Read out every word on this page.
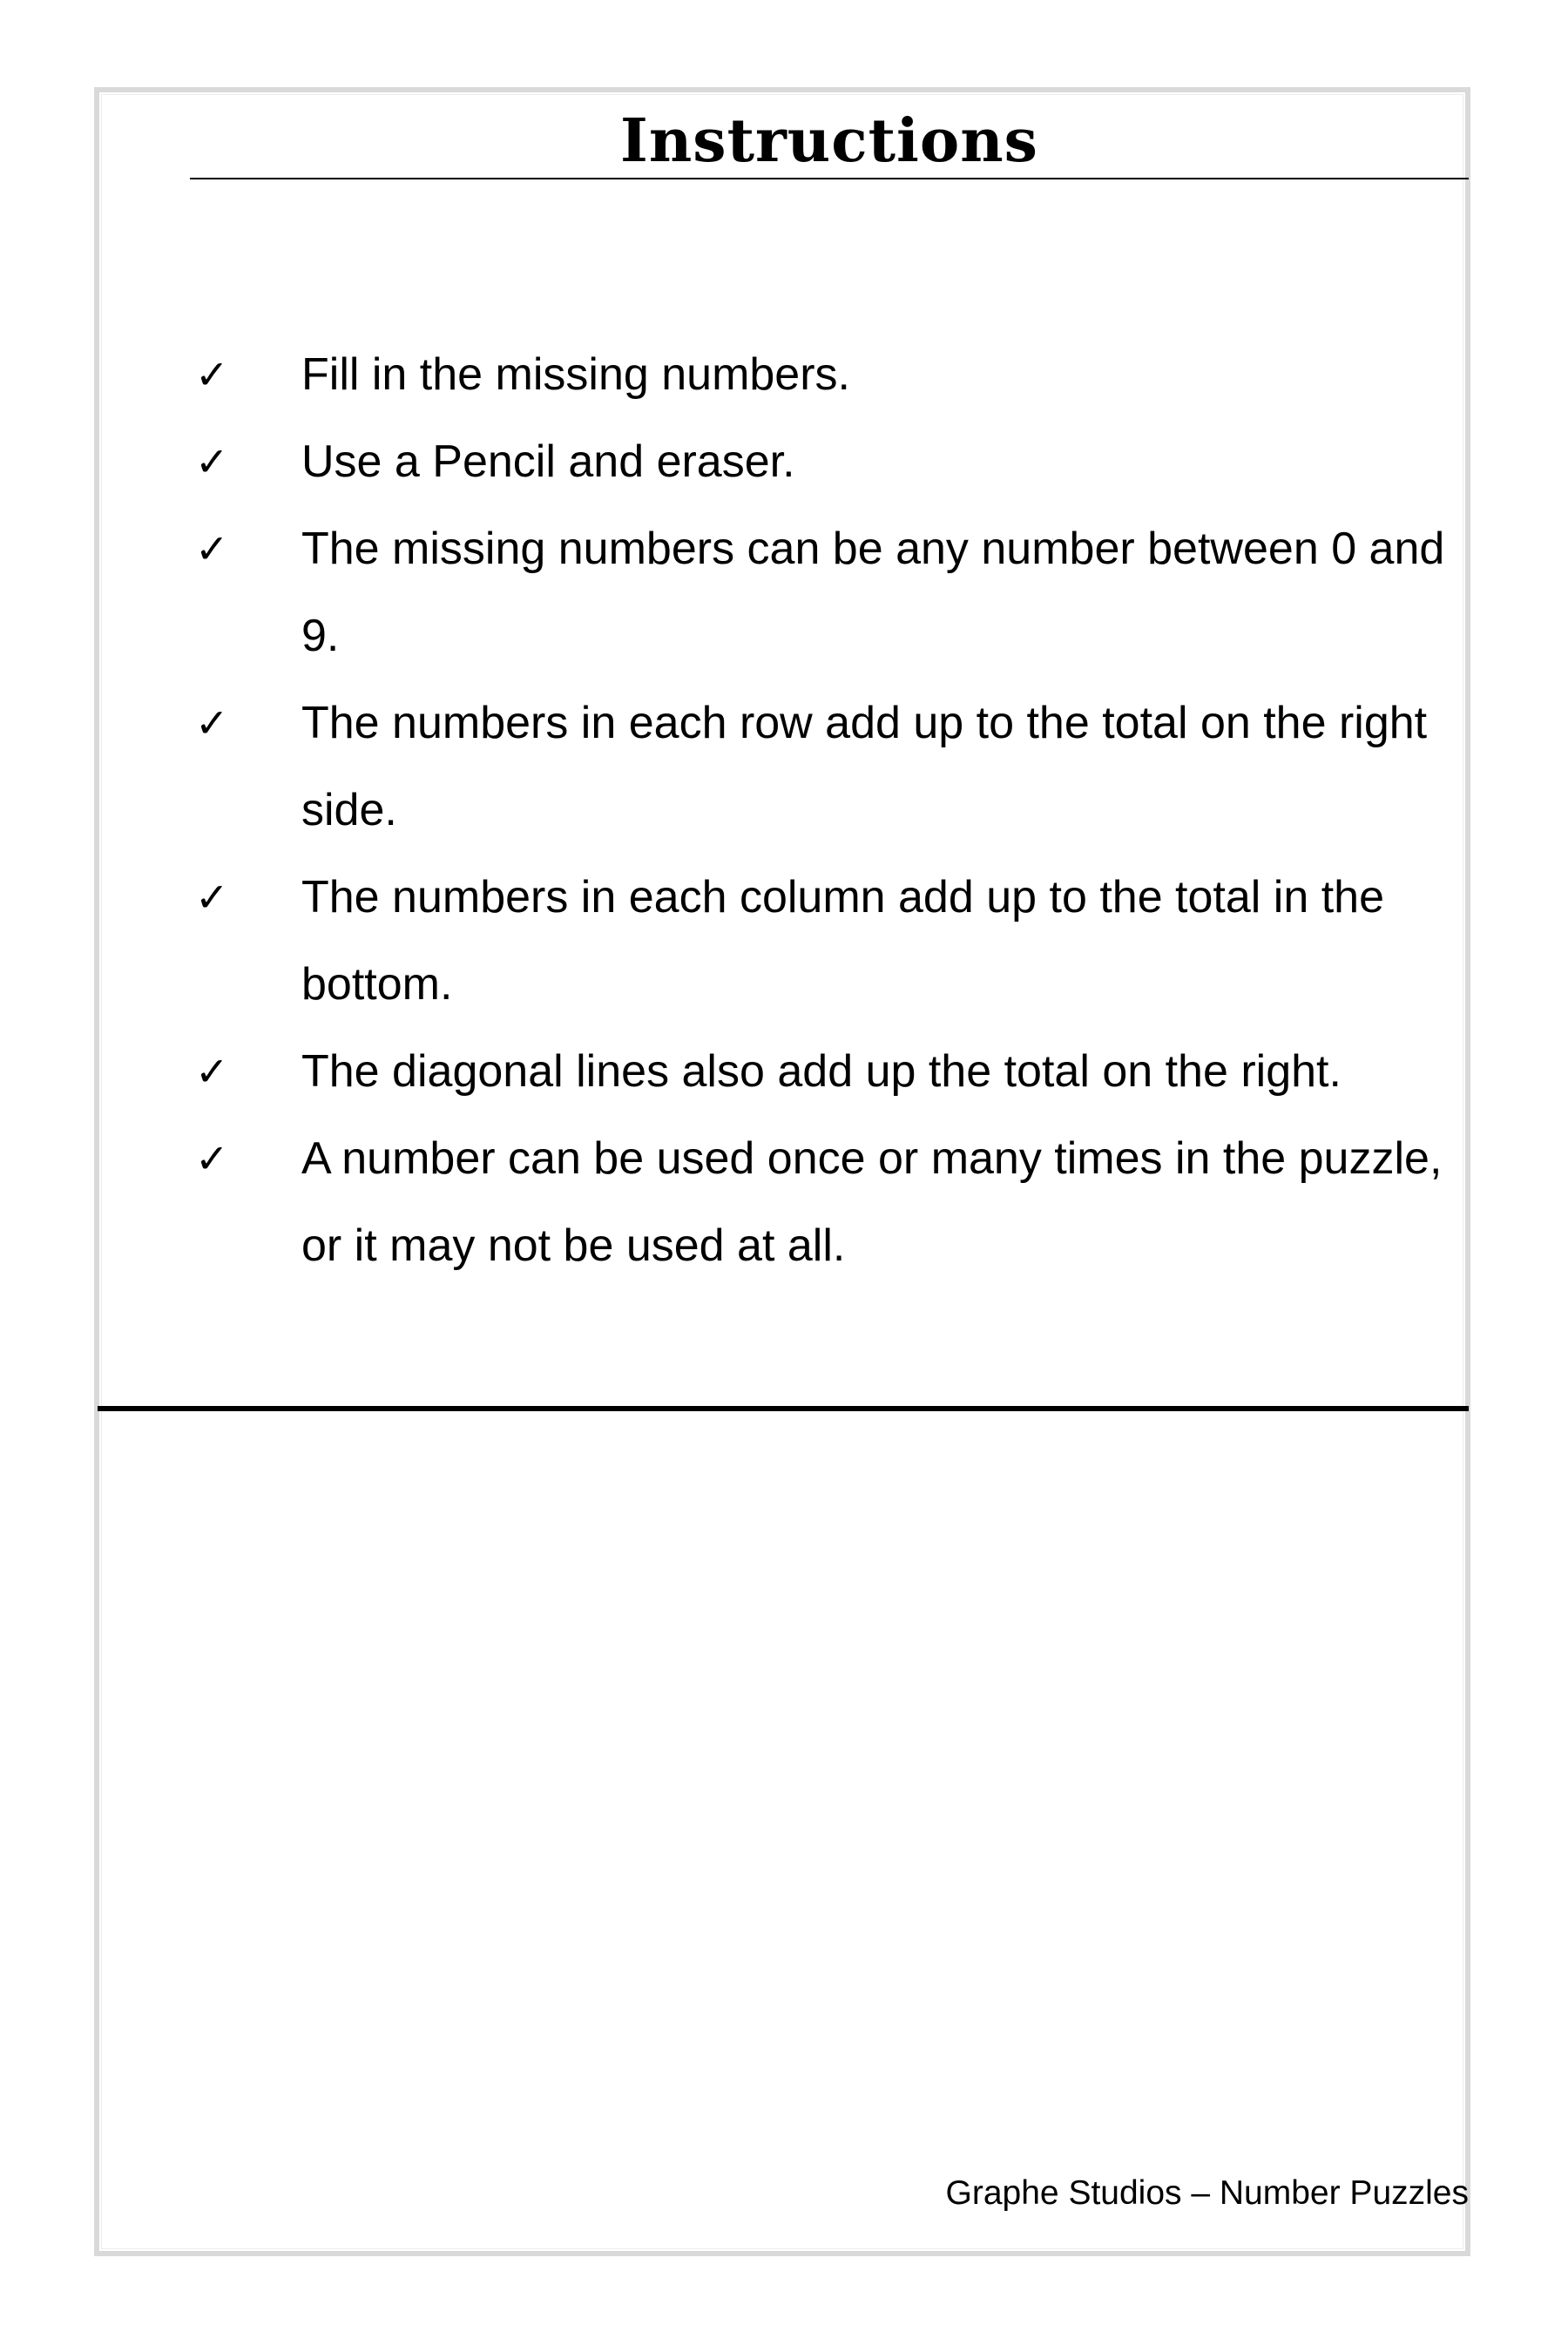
Instructions
✓ Fill in the missing numbers.
✓ Use a Pencil and eraser.
✓ The missing numbers can be any number between 0 and 9.
✓ The numbers in each row add up to the total on the right side.
✓ The numbers in each column add up to the total in the bottom.
✓ The diagonal lines also add up the total on the right.
✓ A number can be used once or many times in the puzzle, or it may not be used at all.
Graphe Studios – Number Puzzles
